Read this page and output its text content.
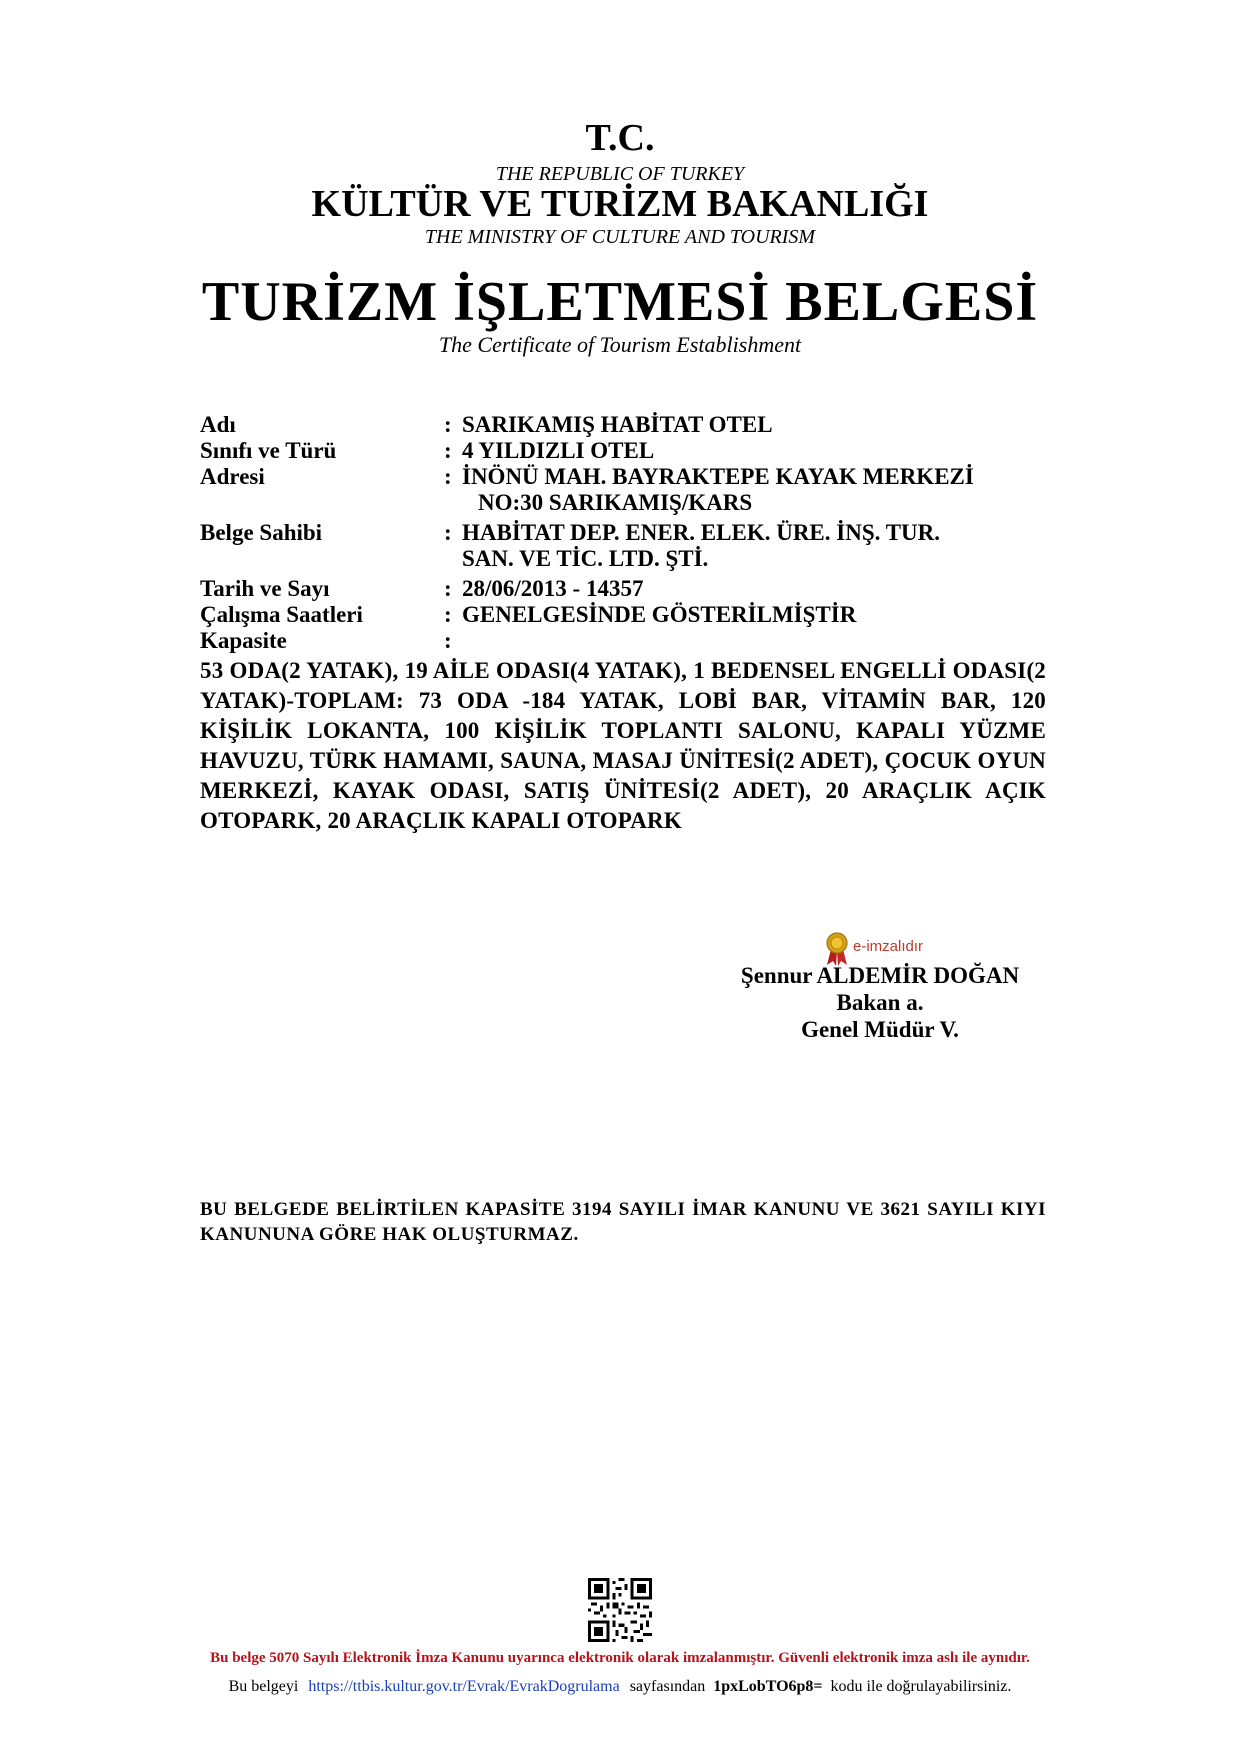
T.C.
THE REPUBLIC OF TURKEY
KÜLTÜR VE TURİZM BAKANLIĞI
THE MINISTRY OF CULTURE AND TOURISM
TURİZM İŞLETMESİ BELGESİ
The Certificate of Tourism Establishment
Adı	: SARIKAMIŞ HABİTAT OTEL
Sınıfı ve Türü	: 4 YILDIZLI OTEL
Adresi	: İNÖNÜ MAH. BAYRAKTEPE KAYAK MERKEZİ
NO:30 SARIKAMIŞ/KARS
Belge Sahibi	: HABİTAT DEP. ENER. ELEK. ÜRE. İNŞ. TUR.
SAN. VE TİC. LTD. ŞTİ.
Tarih ve Sayı	: 28/06/2013 - 14357
Çalışma Saatleri	: GENELGESİNDE GÖSTERİLMİŞTİR
Kapasite	:
53 ODA(2 YATAK), 19 AİLE ODASI(4 YATAK), 1 BEDENSEL ENGELLİ ODASI(2 YATAK)-TOPLAM: 73 ODA -184 YATAK, LOBİ BAR, VİTAMİN BAR, 120 KİŞİLİK LOKANTA, 100 KİŞİLİK TOPLANTI SALONU, KAPALI YÜZME HAVUZU, TÜRK HAMAMI, SAUNA, MASAJ ÜNİTESİ(2 ADET), ÇOCUK OYUN MERKEZİ, KAYAK ODASI, SATIŞ ÜNİTESİ(2 ADET), 20 ARAÇLIK AÇIK OTOPARK, 20 ARAÇLIK KAPALI OTOPARK
e-imzalıdır
Şennur ALDEMİR DOĞAN
Bakan a.
Genel Müdür V.
BU BELGEDE BELİRTİLEN KAPASİTE 3194 SAYILI İMAR KANUNU VE 3621 SAYILI KIYI KANUNUNA GÖRE HAK OLUŞTURMAZ.
Bu belge 5070 Sayılı Elektronik İmza Kanunu uyarınca elektronik olarak imzalanmıştır. Güvenli elektronik imza aslı ile aynıdır.
Bu belgeyi https://ttbis.kultur.gov.tr/Evrak/EvrakDogrulama sayfasından 1pxLobTO6p8= kodu ile doğrulayabilirsiniz.
